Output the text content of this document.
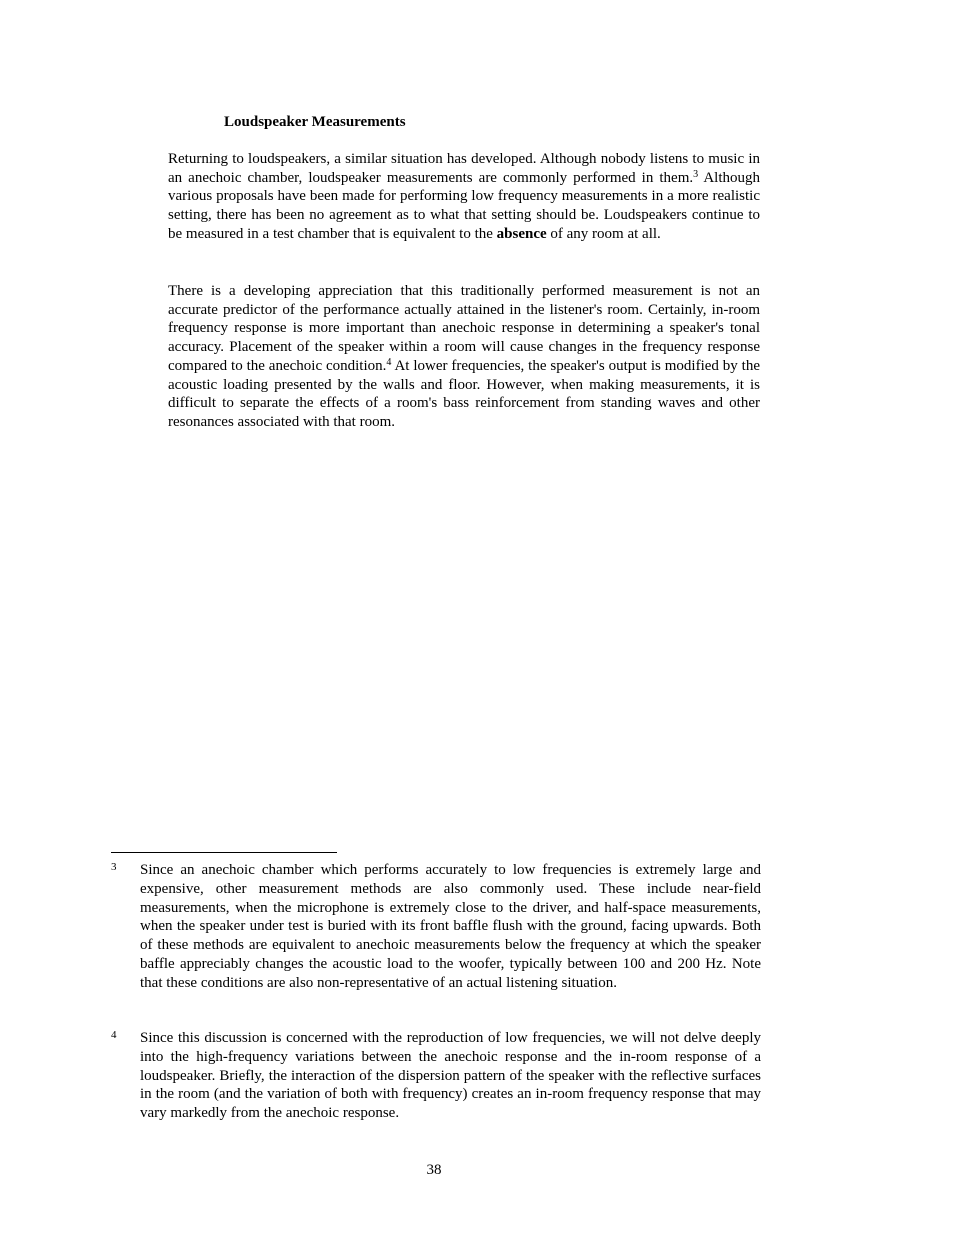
Loudspeaker Measurements

Returning to loudspeakers, a similar situation has developed. Although nobody listens to music in an anechoic chamber, loudspeaker measurements are commonly performed in them.$^3$ Although various proposals have been made for performing low frequency measurements in a more realistic setting, there has been no agreement as to what that setting should be. Loudspeakers continue to be measured in a test chamber that is equivalent to the absence of any room at all.

There is a developing appreciation that this traditionally performed measurement is not an accurate predictor of the performance actually attained in the listener's room. Certainly, in-room frequency response is more important than anechoic response in determining a speaker's tonal accuracy. Placement of the speaker within a room will cause changes in the frequency response compared to the anechoic condition.$^4$ At lower frequencies, the speaker's output is modified by the acoustic loading presented by the walls and floor. However, when making measurements, it is difficult to separate the effects of a room's bass reinforcement from standing waves and other resonances associated with that room.

3 Since an anechoic chamber which performs accurately to low frequencies is extremely large and expensive, other measurement methods are also commonly used. These include near-field measurements, when the microphone is extremely close to the driver, and half-space measurements, when the speaker under test is buried with its front baffle flush with the ground, facing upwards. Both of these methods are equivalent to anechoic measurements below the frequency at which the speaker baffle appreciably changes the acoustic load to the woofer, typically between 100 and 200 Hz. Note that these conditions are also non-representative of an actual listening situation.

4 Since this discussion is concerned with the reproduction of low frequencies, we will not delve deeply into the high-frequency variations between the anechoic response and the in-room response of a loudspeaker. Briefly, the interaction of the dispersion pattern of the speaker with the reflective surfaces in the room (and the variation of both with frequency) creates an in-room frequency response that may vary markedly from the anechoic response.

38
